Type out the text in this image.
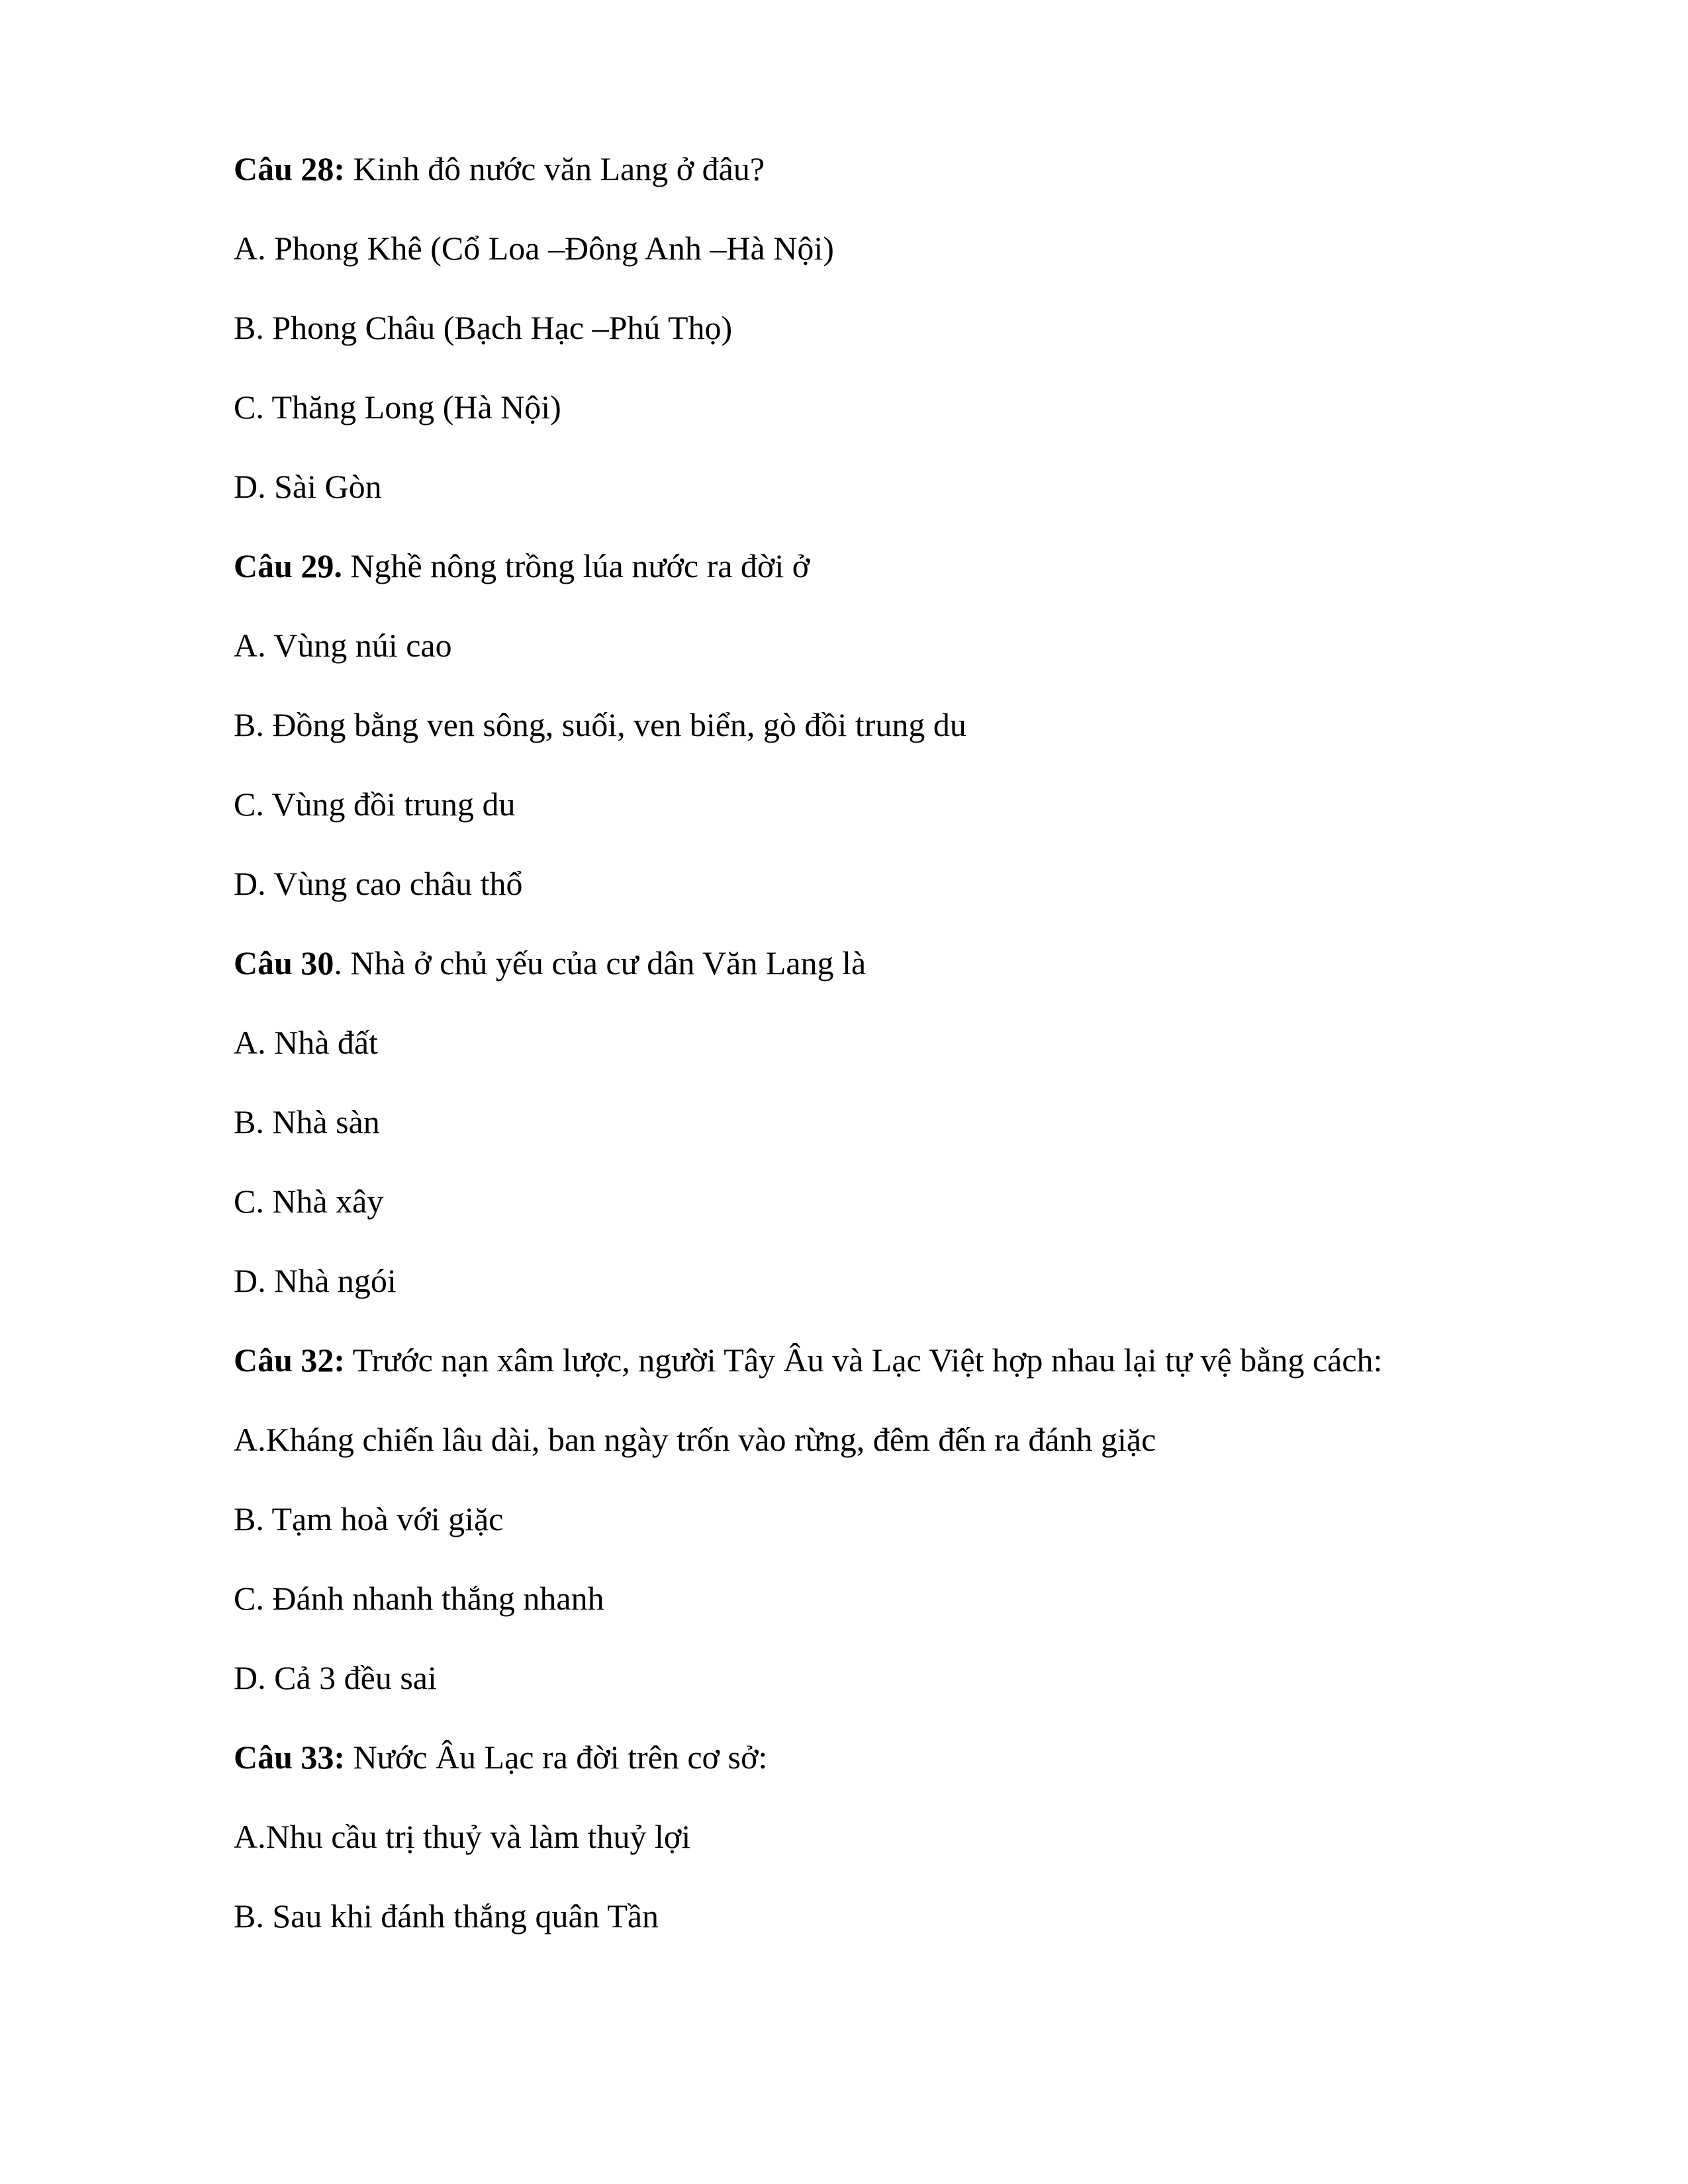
Câu 28: Kinh đô nước văn Lang ở đâu?
A. Phong Khê (Cổ Loa –Đông Anh –Hà Nội)
B. Phong Châu (Bạch Hạc –Phú Thọ)
C. Thăng Long (Hà Nội)
D. Sài Gòn
Câu 29. Nghề nông trồng lúa nước ra đời ở
A. Vùng núi cao
B. Đồng bằng ven sông, suối, ven biển, gò đồi trung du
C. Vùng đồi trung du
D. Vùng cao châu thổ
Câu 30. Nhà ở chủ yếu của cư dân Văn Lang là
A. Nhà đất
B. Nhà sàn
C. Nhà xây
D. Nhà ngói
Câu 32: Trước nạn xâm lược, người Tây Âu và Lạc Việt hợp nhau lại tự vệ bằng cách:
A.Kháng chiến lâu dài, ban ngày trốn vào rừng, đêm đến ra đánh giặc
B. Tạm hoà với giặc
C. Đánh nhanh thắng nhanh
D. Cả 3 đều sai
Câu 33: Nước Âu Lạc ra đời trên cơ sở:
A.Nhu cầu trị thuỷ và làm thuỷ lợi
B. Sau khi đánh thắng quân Tần
